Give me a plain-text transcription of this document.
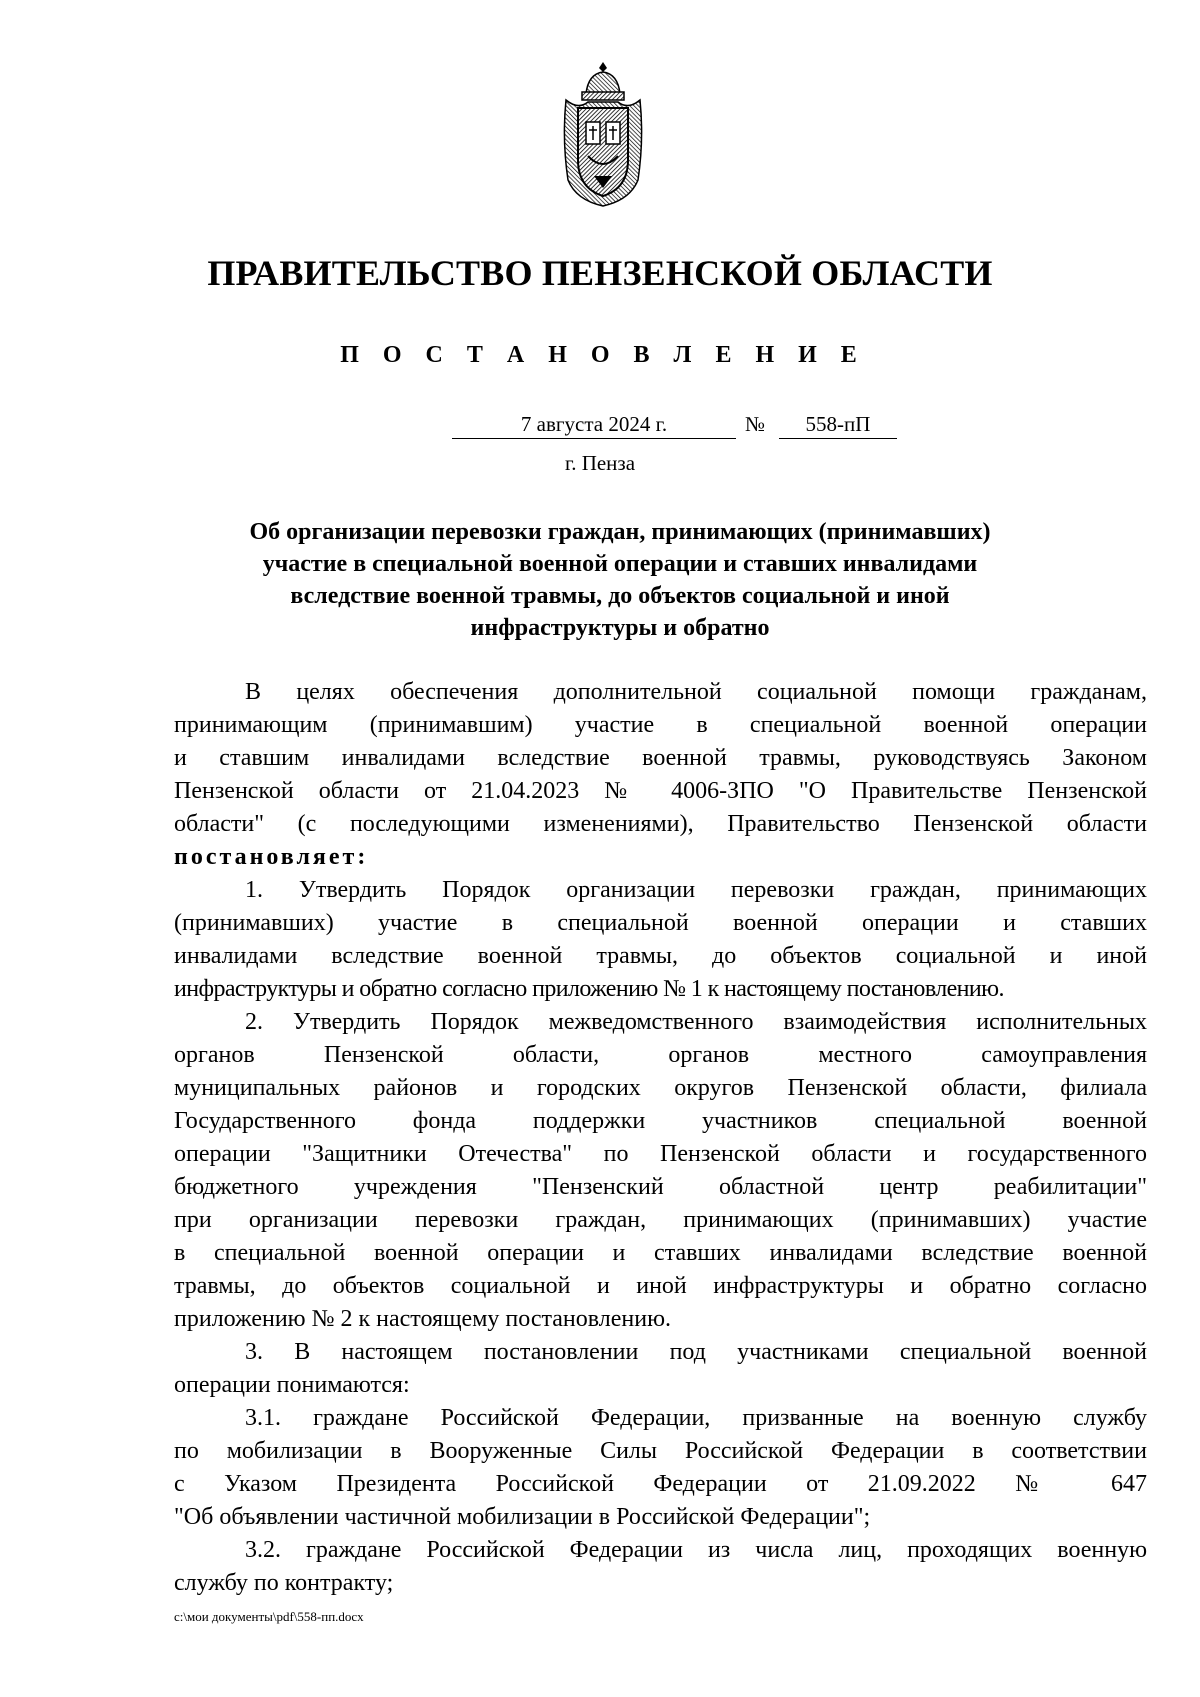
ПРАВИТЕЛЬСТВО ПЕНЗЕНСКОЙ ОБЛАСТИ
П О С Т А Н О В Л Е Н И Е
7 августа 2024 г.	№	558-пП
г. Пенза
Об организации перевозки граждан, принимающих (принимавших)
участие в специальной военной операции и ставших инвалидами
вследствие военной травмы, до объектов социальной и иной
инфраструктуры и обратно
В целях обеспечения дополнительной социальной помощи гражданам,
принимающим (принимавшим) участие в специальной военной операции
и ставшим инвалидами вследствие военной травмы, руководствуясь Законом
Пензенской области от 21.04.2023 № 4006-ЗПО "О Правительстве Пензенской
области" (с последующими изменениями), Правительство Пензенской области
постановляет:
1. Утвердить Порядок организации перевозки граждан, принимающих
(принимавших) участие в специальной военной операции и ставших
инвалидами вследствие военной травмы, до объектов социальной и иной
инфраструктуры и обратно согласно приложению № 1 к настоящему постановлению.
2. Утвердить Порядок межведомственного взаимодействия исполнительных
органов Пензенской области, органов местного самоуправления
муниципальных районов и городских округов Пензенской области, филиала
Государственного фонда поддержки участников специальной военной
операции "Защитники Отечества" по Пензенской области и государственного
бюджетного учреждения "Пензенский областной центр реабилитации"
при организации перевозки граждан, принимающих (принимавших) участие
в специальной военной операции и ставших инвалидами вследствие военной
травмы, до объектов социальной и иной инфраструктуры и обратно согласно
приложению № 2 к настоящему постановлению.
3. В настоящем постановлении под участниками специальной военной
операции понимаются:
3.1. граждане Российской Федерации, призванные на военную службу
по мобилизации в Вооруженные Силы Российской Федерации в соответствии
с Указом Президента Российской Федерации от 21.09.2022 № 647
"Об объявлении частичной мобилизации в Российской Федерации";
3.2. граждане Российской Федерации из числа лиц, проходящих военную
службу по контракту;
c:\мои документы\pdf\558-пп.docx
